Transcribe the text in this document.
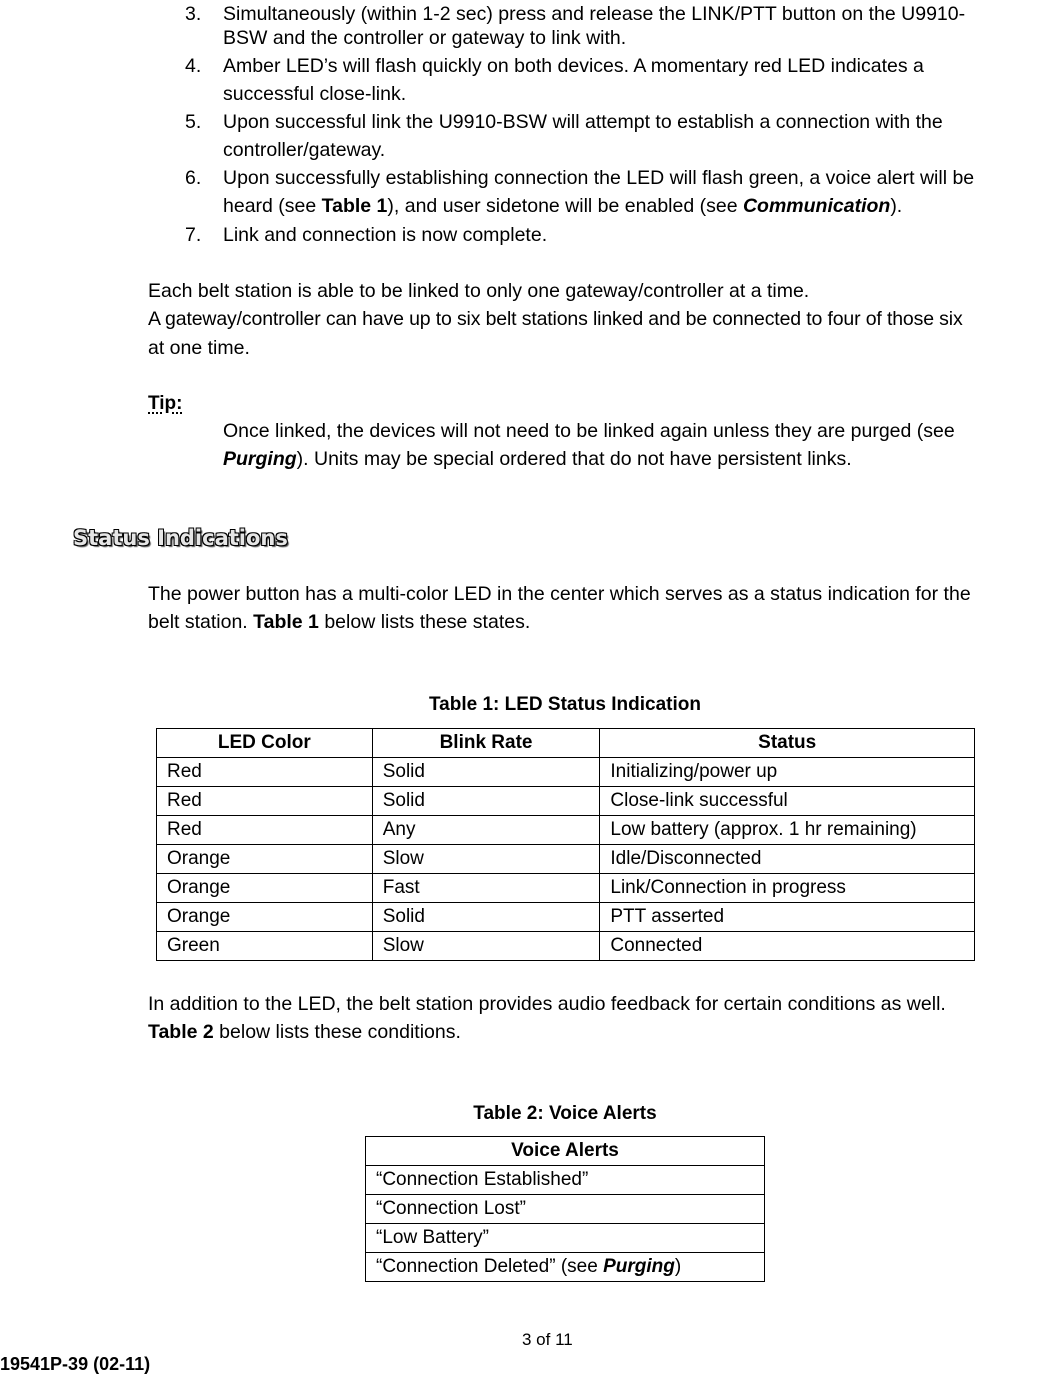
3. Simultaneously (within 1-2 sec) press and release the LINK/PTT button on the U9910-
BSW and the controller or gateway to link with.
4. Amber LED’s will flash quickly on both devices. A momentary red LED indicates a
successful close-link.
5. Upon successful link the U9910-BSW will attempt to establish a connection with the
controller/gateway.
6. Upon successfully establishing connection the LED will flash green, a voice alert will be
heard (see Table 1), and user sidetone will be enabled (see Communication).
7. Link and connection is now complete.
Each belt station is able to be linked to only one gateway/controller at a time.
A gateway/controller can have up to six belt stations linked and be connected to four of those six
at one time.
Tip:
Once linked, the devices will not need to be linked again unless they are purged (see
Purging). Units may be special ordered that do not have persistent links.
Status Indications
The power button has a multi-color LED in the center which serves as a status indication for the
belt station. Table 1 below lists these states.
Table 1: LED Status Indication
LED Color	Blink Rate	Status
Red	Solid	Initializing/power up
Red	Solid	Close-link successful
Red	Any	Low battery (approx. 1 hr remaining)
Orange	Slow	Idle/Disconnected
Orange	Fast	Link/Connection in progress
Orange	Solid	PTT asserted
Green	Slow	Connected
In addition to the LED, the belt station provides audio feedback for certain conditions as well.
Table 2 below lists these conditions.
Table 2: Voice Alerts
Voice Alerts
“Connection Established”
“Connection Lost”
“Low Battery”
“Connection Deleted” (see Purging)
3 of 11
19541P-39 (02-11)
